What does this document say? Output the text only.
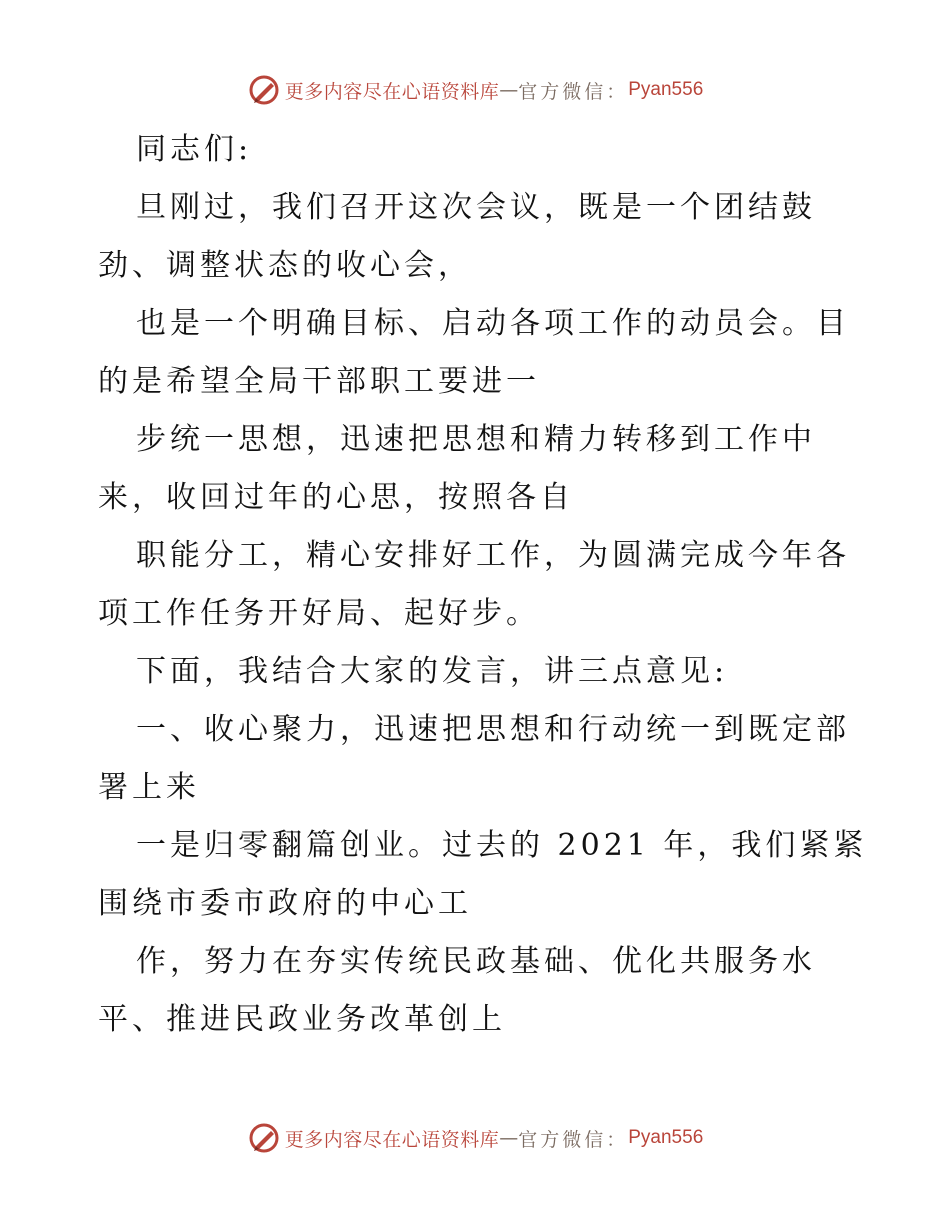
更多内容尽在心语资料库 — 官方微信： Pyan556
同志们:
旦刚过，我们召开这次会议，既是一个团结鼓
劲、调整状态的收心会，
也是一个明确目标、启动各项工作的动员会。目
的是希望全局干部职工要进一
步统一思想，迅速把思想和精力转移到工作中
来，收回过年的心思，按照各自
职能分工，精心安排好工作，为圆满完成今年各
项工作任务开好局、起好步。
下面，我结合大家的发言，讲三点意见:
一、收心聚力，迅速把思想和行动统一到既定部
署上来
一是归零翻篇创业。过去的 2021 年，我们紧紧
围绕市委市政府的中心工
作，努力在夯实传统民政基础、优化共服务水
平、推进民政业务改革创上
更多内容尽在心语资料库 — 官方微信： Pyan556
